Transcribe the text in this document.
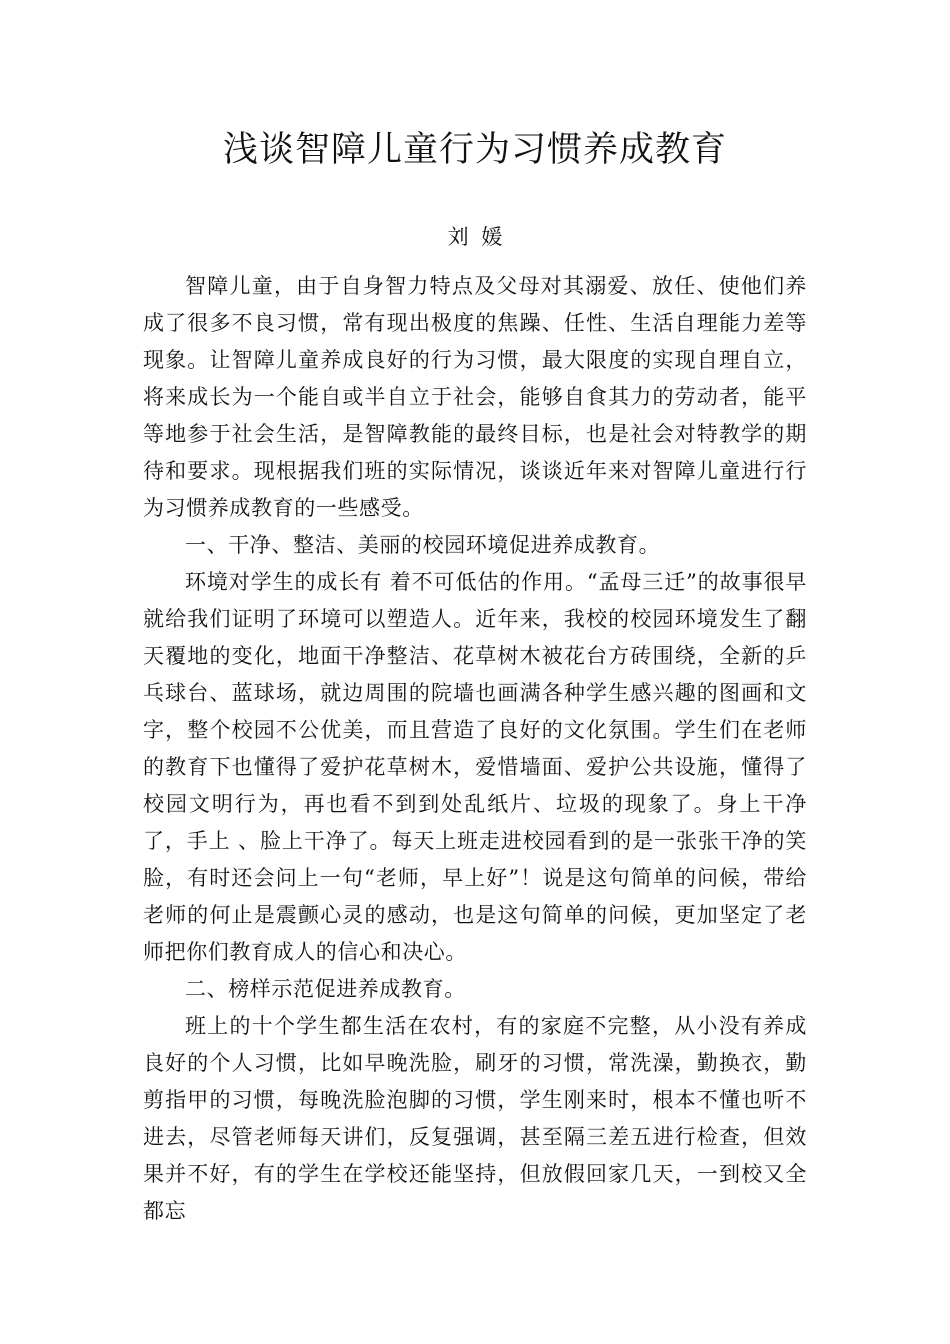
浅谈智障儿童行为习惯养成教育
刘 媛

智障儿童，由于自身智力特点及父母对其溺爱、放任、使他们养成了很多不良习惯，常有现出极度的焦躁、任性、生活自理能力差等现象。让智障儿童养成良好的行为习惯，最大限度的实现自理自立，将来成长为一个能自或半自立于社会，能够自食其力的劳动者，能平等地参于社会生活，是智障教能的最终目标，也是社会对特教学的期待和要求。现根据我们班的实际情况，谈谈近年来对智障儿童进行行为习惯养成教育的一些感受。

一、干净、整洁、美丽的校园环境促进养成教育。

环境对学生的成长有 着不可低估的作用。“孟母三迁”的故事很早就给我们证明了环境可以塑造人。近年来，我校的校园环境发生了翻天覆地的变化，地面干净整洁、花草树木被花台方砖围绕，全新的乒乓球台、蓝球场，就边周围的院墙也画满各种学生感兴趣的图画和文字，整个校园不公优美，而且营造了良好的文化氛围。学生们在老师的教育下也懂得了爱护花草树木，爱惜墙面、爱护公共设施，懂得了校园文明行为，再也看不到到处乱纸片、垃圾的现象了。身上干净了，手上 、脸上干净了。每天上班走进校园看到的是一张张干净的笑脸，有时还会问上一句“老师，早上好”！说是这句简单的问候，带给老师的何止是震颤心灵的感动，也是这句简单的问候，更加坚定了老师把你们教育成人的信心和决心。

二、榜样示范促进养成教育。

班上的十个学生都生活在农村，有的家庭不完整，从小没有养成良好的个人习惯，比如早晚洗脸，刷牙的习惯，常洗澡，勤换衣，勤剪指甲的习惯，每晚洗脸泡脚的习惯，学生刚来时，根本不懂也听不进去，尽管老师每天讲们，反复强调，甚至隔三差五进行检查，但效果并不好，有的学生在学校还能坚持，但放假回家几天，一到校又全都忘
